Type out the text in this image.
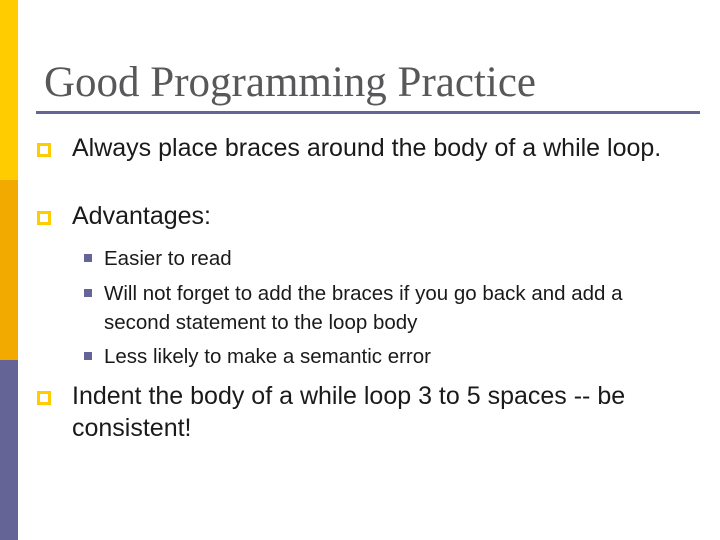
Good Programming Practice
Always place braces around the body of a while loop.
Advantages:
Easier to read
Will not forget to add the braces if you go back and add a second statement to the loop body
Less likely to make a semantic error
Indent the body of a while loop 3 to 5 spaces -- be consistent!
